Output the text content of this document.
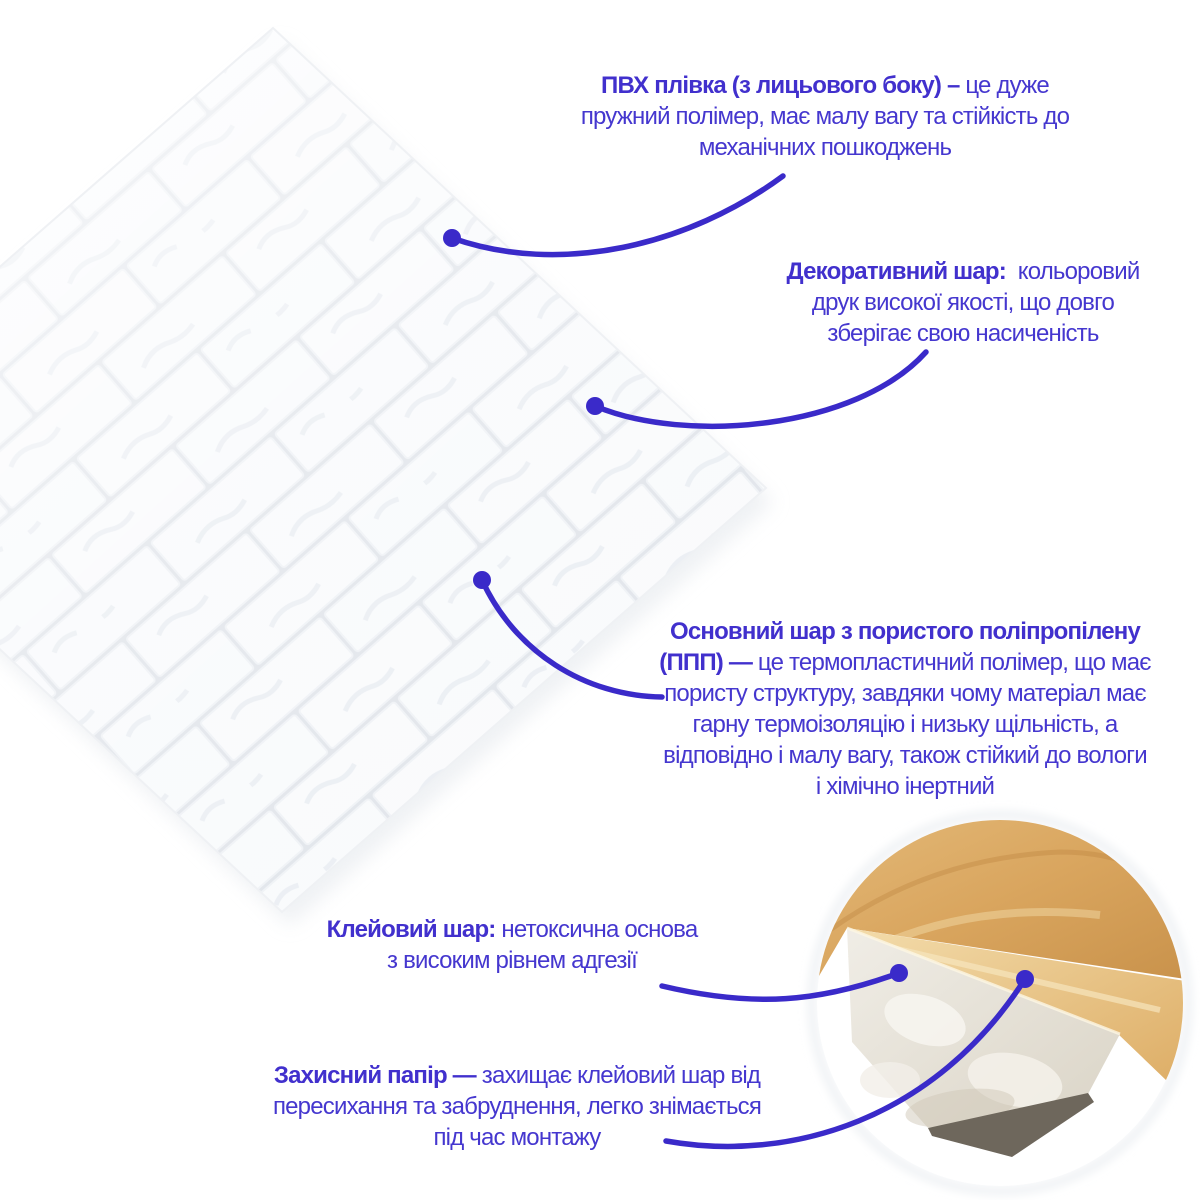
ПВХ плівка (з лицьового боку) – це дуже
пружний полімер, має малу вагу та стійкість до
механічних пошкоджень
Декоративний шар:  кольоровий
друк високої якості, що довго
зберігає свою насиченість
Основний шар з пористого поліпропілену
(ППП) — це термопластичний полімер, що має
пористу структуру, завдяки чому матеріал має
гарну термоізоляцію і низьку щільність, а
відповідно і малу вагу, також стійкий до вологи
і хімічно інертний
Клейовий шар: нетоксична основа
з високим рівнем адгезії
Захисний папір — захищає клейовий шар від
пересихання та забруднення, легко знімається
під час монтажу
